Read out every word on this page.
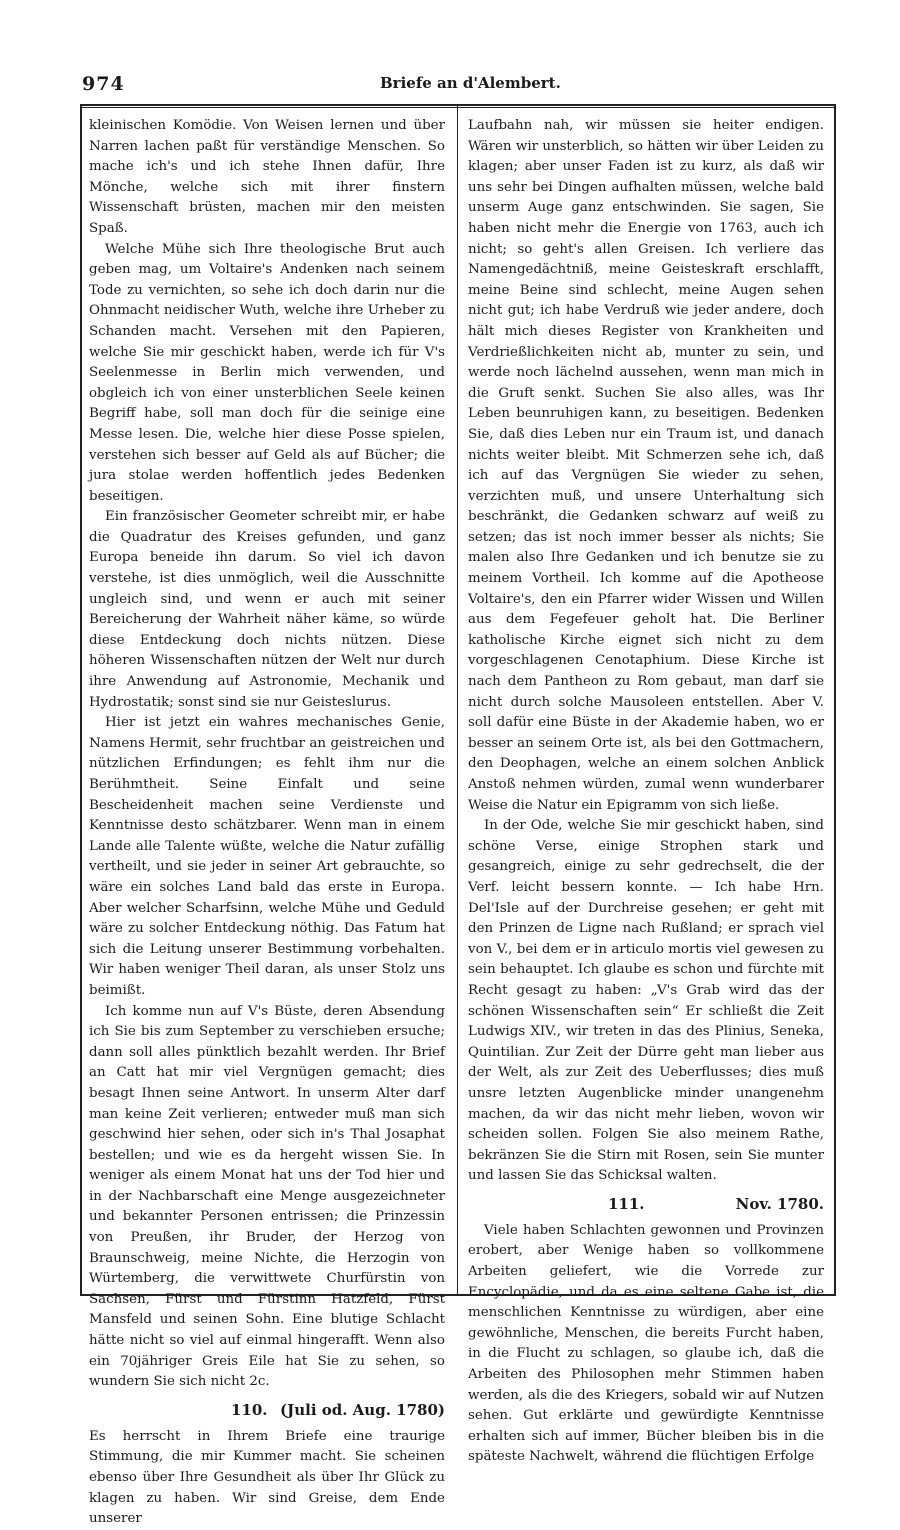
974	Briefe an d'Alembert.

kleinischen Komödie. Von Weisen lernen und über Narren lachen paßt für verständige Menschen. So mache ich's und ich stehe Ihnen dafür, Ihre Mönche, welche sich mit ihrer finstern Wissenschaft brüsten, machen mir den meisten Spaß.

Welche Mühe sich Ihre theologische Brut auch geben mag, um Voltaire's Andenken nach seinem Tode zu vernichten, so sehe ich doch darin nur die Ohnmacht neidischer Wuth, welche ihre Urheber zu Schanden macht. Versehen mit den Papieren, welche Sie mir geschickt haben, werde ich für V's Seelenmesse in Berlin mich verwenden, und obgleich ich von einer unsterblichen Seele keinen Begriff habe, soll man doch für die seinige eine Messe lesen. Die, welche hier diese Posse spielen, verstehen sich besser auf Geld als auf Bücher; die jura stolae werden hoffentlich jedes Bedenken beseitigen.

Ein französischer Geometer schreibt mir, er habe die Quadratur des Kreises gefunden, und ganz Europa beneide ihn darum. So viel ich davon verstehe, ist dies unmöglich, weil die Ausschnitte ungleich sind, und wenn er auch mit seiner Bereicherung der Wahrheit näher käme, so würde diese Entdeckung doch nichts nützen. Diese höheren Wissenschaften nützen der Welt nur durch ihre Anwendung auf Astronomie, Mechanik und Hydrostatik; sonst sind sie nur Geisteslurus.

Hier ist jetzt ein wahres mechanisches Genie, Namens Hermit, sehr fruchtbar an geistreichen und nützlichen Erfindungen; es fehlt ihm nur die Berühmtheit. Seine Einfalt und seine Bescheidenheit machen seine Verdienste und Kenntnisse desto schätzbarer. Wenn man in einem Lande alle Talente wüßte, welche die Natur zufällig vertheilt, und sie jeder in seiner Art gebrauchte, so wäre ein solches Land bald das erste in Europa. Aber welcher Scharfsinn, welche Mühe und Geduld wäre zu solcher Entdeckung nöthig. Das Fatum hat sich die Leitung unserer Bestimmung vorbehalten. Wir haben weniger Theil daran, als unser Stolz uns beimißt.

Ich komme nun auf V's Büste, deren Absendung ich Sie bis zum September zu verschieben ersuche; dann soll alles pünktlich bezahlt werden. Ihr Brief an Catt hat mir viel Vergnügen gemacht; dies besagt Ihnen seine Antwort. In unserm Alter darf man keine Zeit verlieren; entweder muß man sich geschwind hier sehen, oder sich in's Thal Josaphat bestellen; und wie es da hergeht wissen Sie. In weniger als einem Monat hat uns der Tod hier und in der Nachbarschaft eine Menge ausgezeichneter und bekannter Personen entrissen; die Prinzessin von Preußen, ihr Bruder, der Herzog von Braunschweig, meine Nichte, die Herzogin von Würtemberg, die verwittwete Churfürstin von Sachsen, Fürst und Fürstinn Hatzfeld, Fürst Mansfeld und seinen Sohn. Eine blutige Schlacht hätte nicht so viel auf einmal hingerafft. Wenn also ein 70jähriger Greis Eile hat Sie zu sehen, so wundern Sie sich nicht 2c.

110. (Juli od. Aug. 1780)

Es herrscht in Ihrem Briefe eine traurige Stimmung, die mir Kummer macht. Sie scheinen ebenso über Ihre Gesundheit als über Ihr Glück zu klagen zu haben. Wir sind Greise, dem Ende unserer

Laufbahn nah, wir müssen sie heiter endigen. Wären wir unsterblich, so hätten wir über Leiden zu klagen; aber unser Faden ist zu kurz, als daß wir uns sehr bei Dingen aufhalten müssen, welche bald unserm Auge ganz entschwinden. Sie sagen, Sie haben nicht mehr die Energie von 1763, auch ich nicht; so geht's allen Greisen. Ich verliere das Namengedächtniß, meine Geisteskraft erschlafft, meine Beine sind schlecht, meine Augen sehen nicht gut; ich habe Verdruß wie jeder andere, doch hält mich dieses Register von Krankheiten und Verdrießlichkeiten nicht ab, munter zu sein, und werde noch lächelnd aussehen, wenn man mich in die Gruft senkt. Suchen Sie also alles, was Ihr Leben beunruhigen kann, zu beseitigen. Bedenken Sie, daß dies Leben nur ein Traum ist, und danach nichts weiter bleibt. Mit Schmerzen sehe ich, daß ich auf das Vergnügen Sie wieder zu sehen, verzichten muß, und unsere Unterhaltung sich beschränkt, die Gedanken schwarz auf weiß zu setzen; das ist noch immer besser als nichts; Sie malen also Ihre Gedanken und ich benutze sie zu meinem Vortheil. Ich komme auf die Apotheose Voltaire's, den ein Pfarrer wider Wissen und Willen aus dem Fegefeuer geholt hat. Die Berliner katholische Kirche eignet sich nicht zu dem vorgeschlagenen Cenotaphium. Diese Kirche ist nach dem Pantheon zu Rom gebaut, man darf sie nicht durch solche Mausoleen entstellen. Aber V. soll dafür eine Büste in der Akademie haben, wo er besser an seinem Orte ist, als bei den Gottmachern, den Deophagen, welche an einem solchen Anblick Anstoß nehmen würden, zumal wenn wunderbarer Weise die Natur ein Epigramm von sich ließe.

In der Ode, welche Sie mir geschickt haben, sind schöne Verse, einige Strophen stark und gesangreich, einige zu sehr gedrechselt, die der Verf. leicht bessern konnte. — Ich habe Hrn. Del'Isle auf der Durchreise gesehen; er geht mit den Prinzen de Ligne nach Rußland; er sprach viel von V., bei dem er in articulo mortis viel gewesen zu sein behauptet. Ich glaube es schon und fürchte mit Recht gesagt zu haben: „V's Grab wird das der schönen Wissenschaften sein“ Er schließt die Zeit Ludwigs XIV., wir treten in das des Plinius, Seneka, Quintilian. Zur Zeit der Dürre geht man lieber aus der Welt, als zur Zeit des Ueberflusses; dies muß unsre letzten Augenblicke minder unangenehm machen, da wir das nicht mehr lieben, wovon wir scheiden sollen. Folgen Sie also meinem Rathe, bekränzen Sie die Stirn mit Rosen, sein Sie munter und lassen Sie das Schicksal walten.

111.	Nov. 1780.

Viele haben Schlachten gewonnen und Provinzen erobert, aber Wenige haben so vollkommene Arbeiten geliefert, wie die Vorrede zur Encyclopädie, und da es eine seltene Gabe ist, die menschlichen Kenntnisse zu würdigen, aber eine gewöhnliche, Menschen, die bereits Furcht haben, in die Flucht zu schlagen, so glaube ich, daß die Arbeiten des Philosophen mehr Stimmen haben werden, als die des Kriegers, sobald wir auf Nutzen sehen. Gut erklärte und gewürdigte Kenntnisse erhalten sich auf immer, Bücher bleiben bis in die späteste Nachwelt, während die flüchtigen Erfolge
